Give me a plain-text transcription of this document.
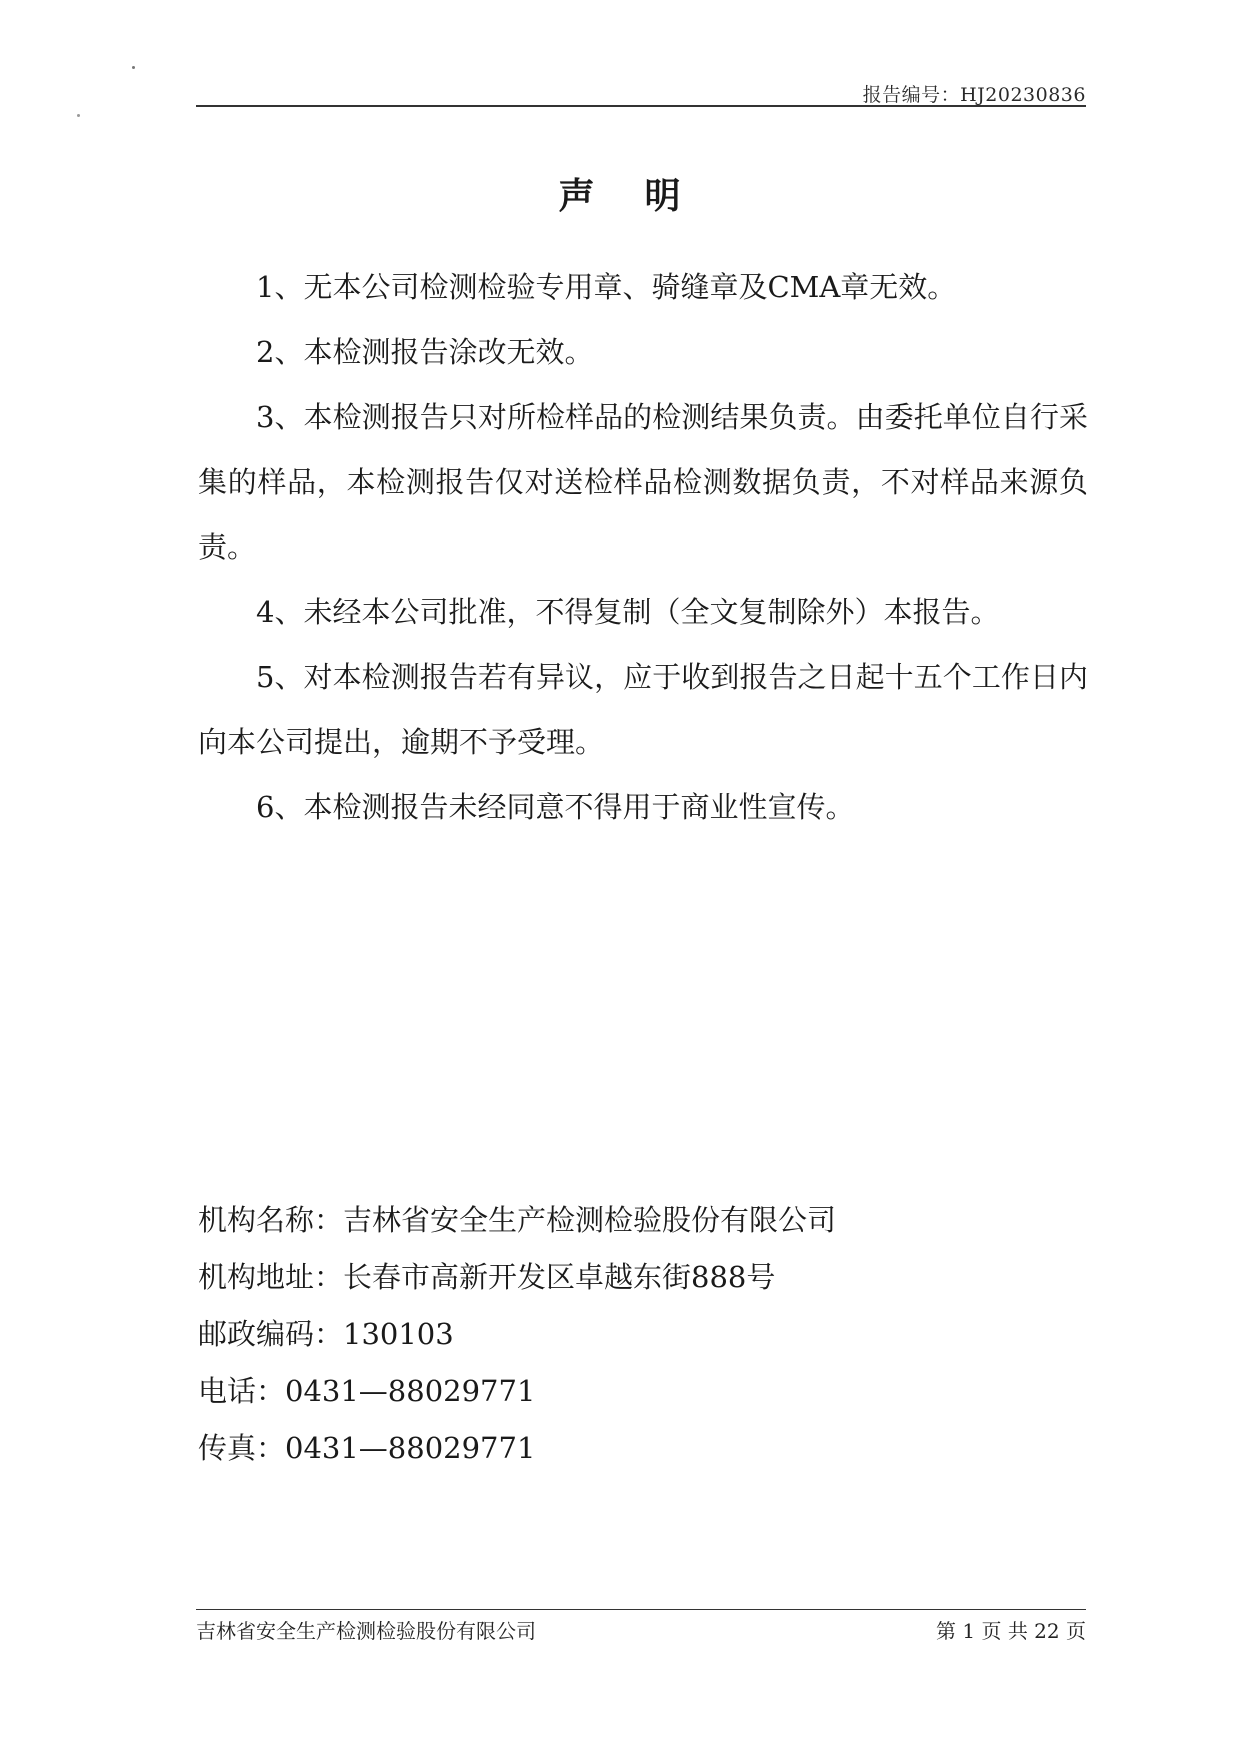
报告编号：HJ20230836
声 明

1、无本公司检测检验专用章、骑缝章及CMA章无效。

2、本检测报告涂改无效。

3、本检测报告只对所检样品的检测结果负责。由委托单位自行采集的样品，本检测报告仅对送检样品检测数据负责，不对样品来源负责。

4、未经本公司批准，不得复制（全文复制除外）本报告。

5、对本检测报告若有异议，应于收到报告之日起十五个工作日内向本公司提出，逾期不予受理。

6、本检测报告未经同意不得用于商业性宣传。

机构名称：吉林省安全生产检测检验股份有限公司
机构地址：长春市高新开发区卓越东街888号
邮政编码：130103
电话：0431—88029771
传真：0431—88029771
吉林省安全生产检测检验股份有限公司	第 1 页 共 22 页
